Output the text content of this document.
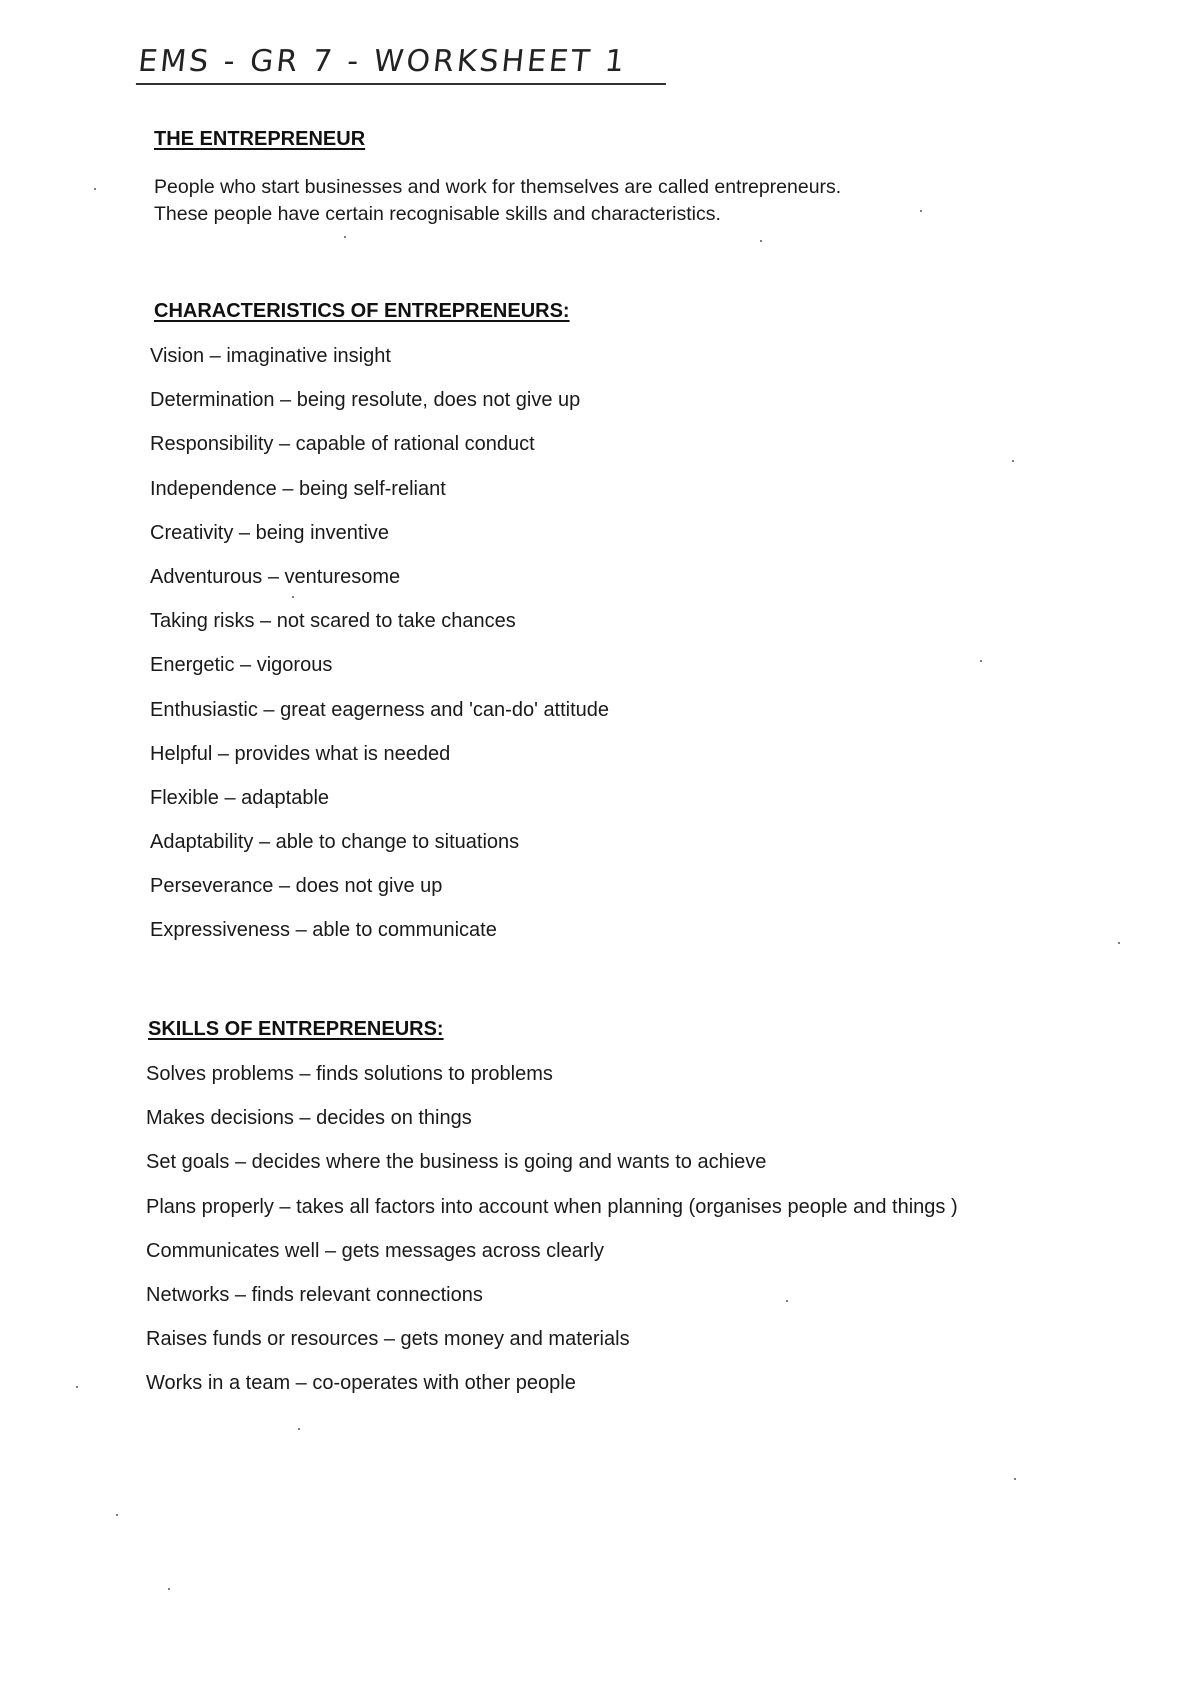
EMS - GR 7 - WORKSHEET 1
THE ENTREPRENEUR

People who start businesses and work for themselves are called entrepreneurs.

These people have certain recognisable skills and characteristics.

CHARACTERISTICS OF ENTREPRENEURS:
Vision – imaginative insight
Determination – being resolute, does not give up
Responsibility – capable of rational conduct
Independence – being self-reliant
Creativity – being inventive
Adventurous – venturesome
Taking risks – not scared to take chances
Energetic – vigorous
Enthusiastic – great eagerness and 'can-do' attitude
Helpful – provides what is needed
Flexible – adaptable
Adaptability – able to change to situations
Perseverance – does not give up
Expressiveness – able to communicate
SKILLS OF ENTREPRENEURS:
Solves problems – finds solutions to problems
Makes decisions – decides on things
Set goals – decides where the business is going and wants to achieve
Plans properly – takes all factors into account when planning (organises people and things )
Communicates well – gets messages across clearly
Networks – finds relevant connections
Raises funds or resources – gets money and materials
Works in a team – co-operates with other people
